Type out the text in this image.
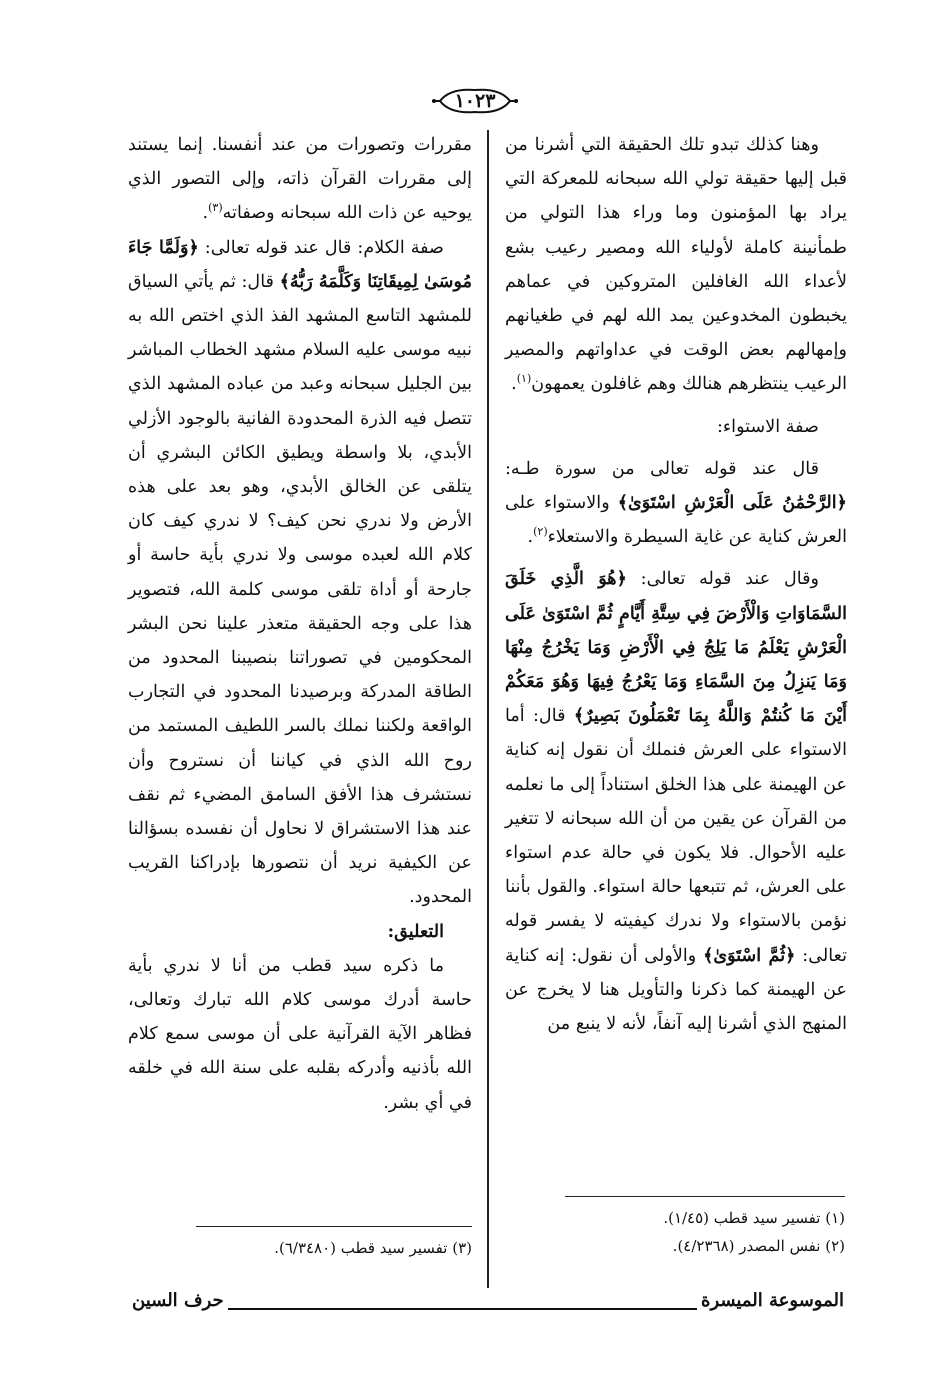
١٠٢٣

وهنا كذلك تبدو تلك الحقيقة التي أشرنا من قبل إليها حقيقة تولي الله سبحانه للمعركة التي يراد بها المؤمنون وما وراء هذا التولي من طمأنينة كاملة لأولياء الله ومصير رعيب بشع لأعداء الله الغافلين المتروكين في عماهم يخبطون المخدوعين يمد الله لهم في طغيانهم وإمهالهم بعض الوقت في عداواتهم والمصير الرعيب ينتظرهم هنالك وهم غافلون يعمهون$^{(١)}$.

صفة الاستواء:

قال عند قوله تعالى من سورة طـه: ﴿الرَّحْمَٰنُ عَلَى الْعَرْشِ اسْتَوَىٰ﴾ والاستواء على العرش كناية عن غاية السيطرة والاستعلاء$^{(٢)}$.

وقال عند قوله تعالى: ﴿هُوَ الَّذِي خَلَقَ السَّمَاوَاتِ وَالْأَرْضَ فِي سِتَّةِ أَيَّامٍ ثُمَّ اسْتَوَىٰ عَلَى الْعَرْشِ يَعْلَمُ مَا يَلِجُ فِي الْأَرْضِ وَمَا يَخْرُجُ مِنْهَا وَمَا يَنزِلُ مِنَ السَّمَاءِ وَمَا يَعْرُجُ فِيهَا وَهُوَ مَعَكُمْ أَيْنَ مَا كُنتُمْ وَاللَّهُ بِمَا تَعْمَلُونَ بَصِيرٌ﴾ قال: أما الاستواء على العرش فنملك أن نقول إنه كناية عن الهيمنة على هذا الخلق استناداً إلى ما نعلمه من القرآن عن يقين من أن الله سبحانه لا تتغير عليه الأحوال. فلا يكون في حالة عدم استواء على العرش، ثم تتبعها حالة استواء. والقول بأننا نؤمن بالاستواء ولا ندرك كيفيته لا يفسر قوله تعالى: ﴿ثُمَّ اسْتَوَىٰ﴾ والأولى أن نقول: إنه كناية عن الهيمنة كما ذكرنا والتأويل هنا لا يخرج عن المنهج الذي أشرنا إليه آنفاً، لأنه لا ينبع من

مقررات وتصورات من عند أنفسنا. إنما يستند إلى مقررات القرآن ذاته، وإلى التصور الذي يوحيه عن ذات الله سبحانه وصفاته$^{(٣)}$.

صفة الكلام: قال عند قوله تعالى: ﴿وَلَمَّا جَاءَ مُوسَىٰ لِمِيقَاتِنَا وَكَلَّمَهُ رَبُّهُ﴾ قال: ثم يأتي السياق للمشهد التاسع المشهد الفذ الذي اختص الله به نبيه موسى عليه السلام مشهد الخطاب المباشر بين الجليل سبحانه وعبد من عباده المشهد الذي تتصل فيه الذرة المحدودة الفانية بالوجود الأزلي الأبدي، بلا واسطة ويطيق الكائن البشري أن يتلقى عن الخالق الأبدي، وهو بعد على هذه الأرض ولا ندري نحن كيف؟ لا ندري كيف كان كلام الله لعبده موسى ولا ندري بأية حاسة أو جارحة أو أداة تلقى موسى كلمة الله، فتصوير هذا على وجه الحقيقة متعذر علينا نحن البشر المحكومين في تصوراتنا بنصيبنا المحدود من الطاقة المدركة وبرصيدنا المحدود في التجارب الواقعة ولكننا نملك بالسر اللطيف المستمد من روح الله الذي في كياننا أن نستروح وأن نستشرف هذا الأفق السامق المضيء ثم نقف عند هذا الاستشراق لا نحاول أن نفسده بسؤالنا عن الكيفية نريد أن نتصورها بإدراكنا القريب المحدود.

التعليق:

ما ذكره سيد قطب من أنا لا ندري بأية حاسة أدرك موسى كلام الله تبارك وتعالى، فظاهر الآية القرآنية على أن موسى سمع كلام الله بأذنيه وأدركه بقلبه على سنة الله في خلقه في أي بشر.

(١) تفسير سيد قطب (١/٤٥).
(٢) نفس المصدر (٤/٢٣٦٨).
(٣) تفسير سيد قطب (٦/٣٤٨٠).
الموسوعة الميسرة
حرف السين
